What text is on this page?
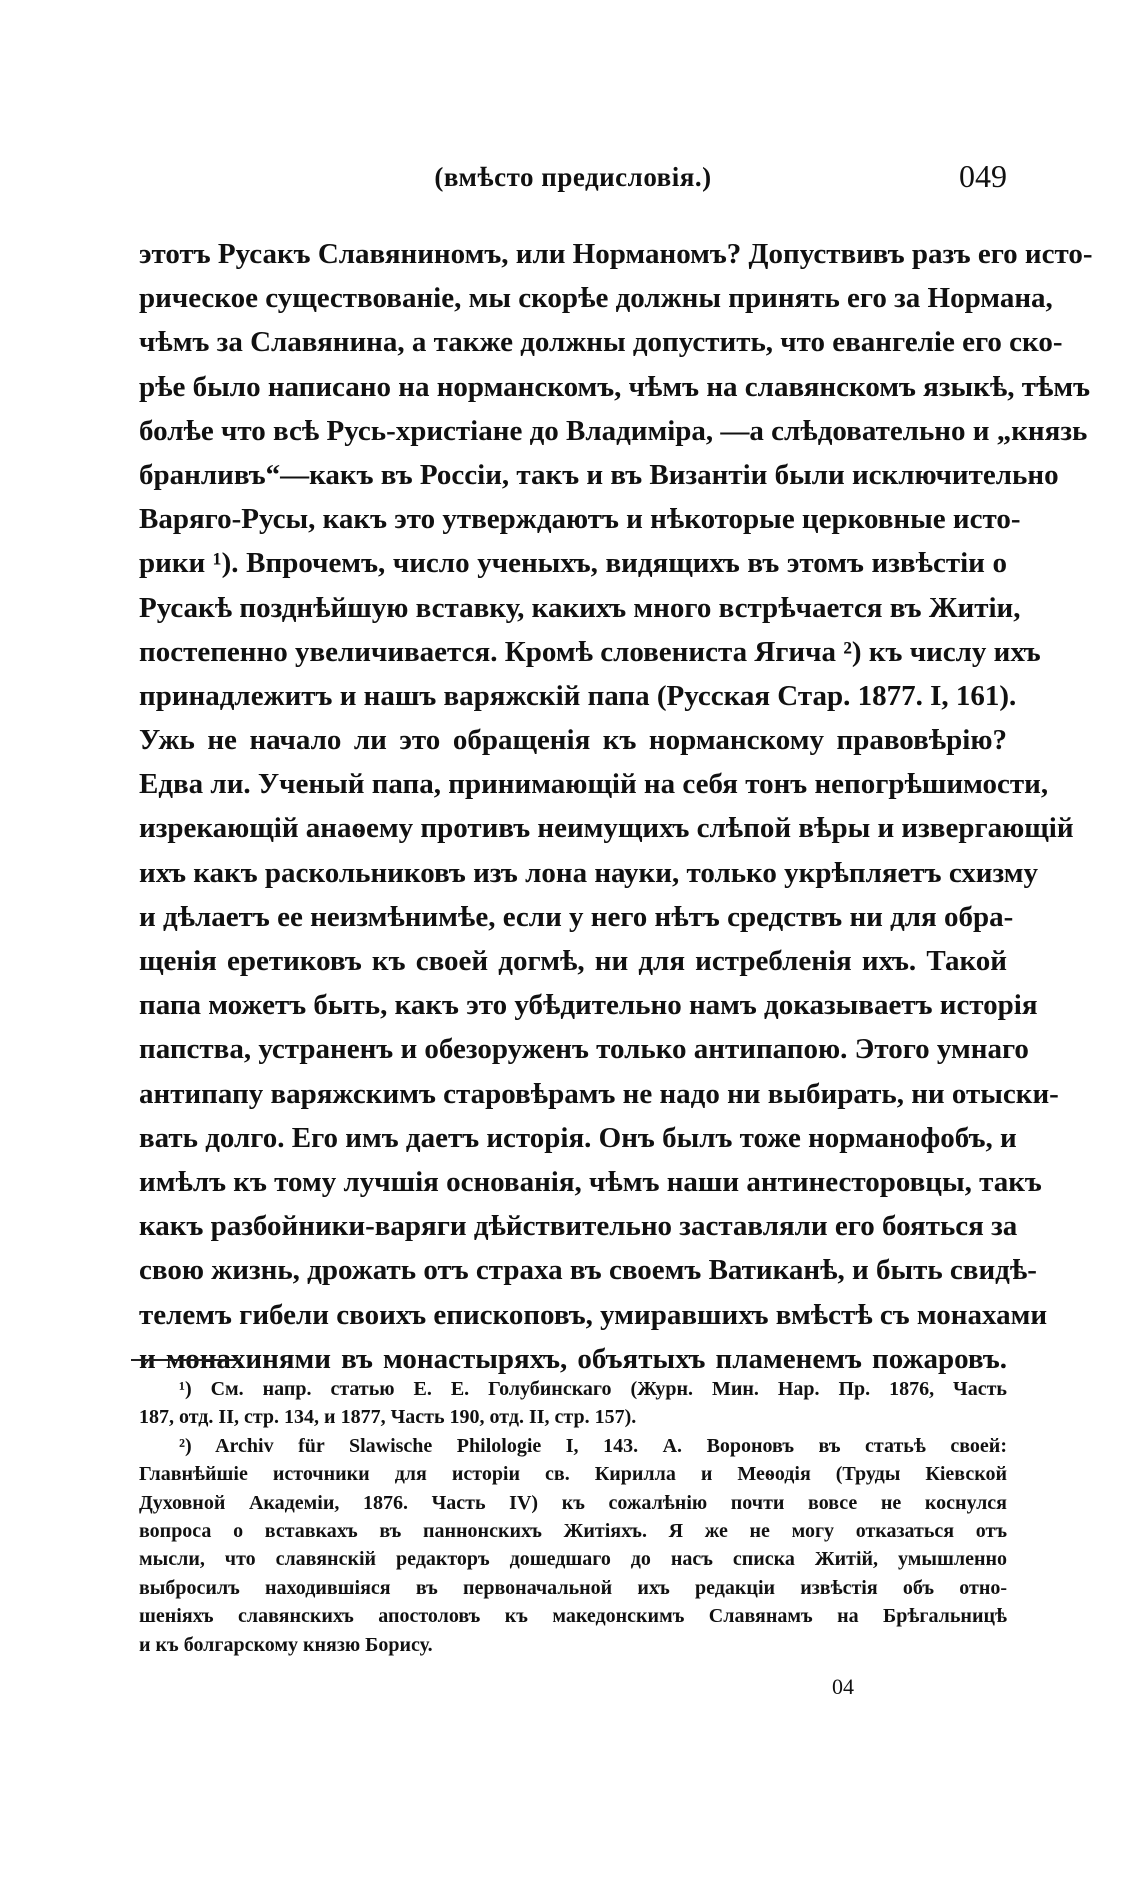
(вмѣсто предисловія.)	049
этотъ Русакъ Славяниномъ, или Норманомъ? Допуствивъ разъ его исто-
рическое существованіе, мы скорѣе должны принять его за Нормана,
чѣмъ за Славянина, а также должны допустить, что евангеліе его ско-
рѣе было написано на норманскомъ, чѣмъ на славянскомъ языкѣ, тѣмъ
болѣе что всѣ Русь-христіане до Владиміра, —а слѣдовательно и „князь
бранливъ“—какъ въ Россіи, такъ и въ Византіи были исключительно
Варяго-Русы, какъ это утверждаютъ и нѣкоторые церковные исто-
рики ¹). Впрочемъ, число ученыхъ, видящихъ въ этомъ извѣстіи о
Русакѣ позднѣйшую вставку, какихъ много встрѣчается въ Житіи,
постепенно увеличивается. Кромѣ словениста Ягича ²) къ числу ихъ
принадлежитъ и нашъ варяжскій папа (Русская Стар. 1877. I, 161).
Ужь не начало ли это обращенія къ норманскому правовѣрію?
Едва ли. Ученый папа, принимающій на себя тонъ непогрѣшимости,
изрекающій анаѳему противъ неимущихъ слѣпой вѣры и извергающій
ихъ какъ раскольниковъ изъ лона науки, только укрѣпляетъ схизму
и дѣлаетъ ее неизмѣнимѣе, если у него нѣтъ средствъ ни для обра-
щенія еретиковъ къ своей догмѣ, ни для истребленія ихъ. Такой
папа можетъ быть, какъ это убѣдительно намъ доказываетъ исторія
папства, устраненъ и обезоруженъ только антипапою. Этого умнаго
антипапу варяжскимъ старовѣрамъ не надо ни выбирать, ни отыски-
вать долго. Его имъ даетъ исторія. Онъ былъ тоже норманофобъ, и
имѣлъ къ тому лучшія основанія, чѣмъ наши антинесторовцы, такъ
какъ разбойники-варяги дѣйствительно заставляли его бояться за
свою жизнь, дрожать отъ страха въ своемъ Ватиканѣ, и быть свидѣ-
телемъ гибели своихъ епископовъ, умиравшихъ вмѣстѣ съ монахами
и монахинями въ монастыряхъ, объятыхъ пламенемъ пожаровъ.
¹) См. напр. статью Е. Е. Голубинскаго (Журн. Мин. Нар. Пр. 1876, Часть
187, отд. II, стр. 134, и 1877, Часть 190, отд. II, стр. 157).
²) Archiv für Slawische Philologie I, 143. А. Вороновъ въ статьѣ своей:
Главнѣйшіе источники для исторіи св. Кирилла и Меѳодія (Труды Кіевской
Духовной Академіи, 1876. Часть IV) къ сожалѣнію почти вовсе не коснулся
вопроса о вставкахъ въ паннонскихъ Житіяхъ. Я же не могу отказаться отъ
мысли, что славянскій редакторъ дошедшаго до насъ списка Житій, умышленно
выбросилъ находившіяся въ первоначальной ихъ редакціи извѣстія объ отно-
шеніяхъ славянскихъ апостоловъ къ македонскимъ Славянамъ на Брѣгальницѣ
и къ болгарскому князю Борису.
04
